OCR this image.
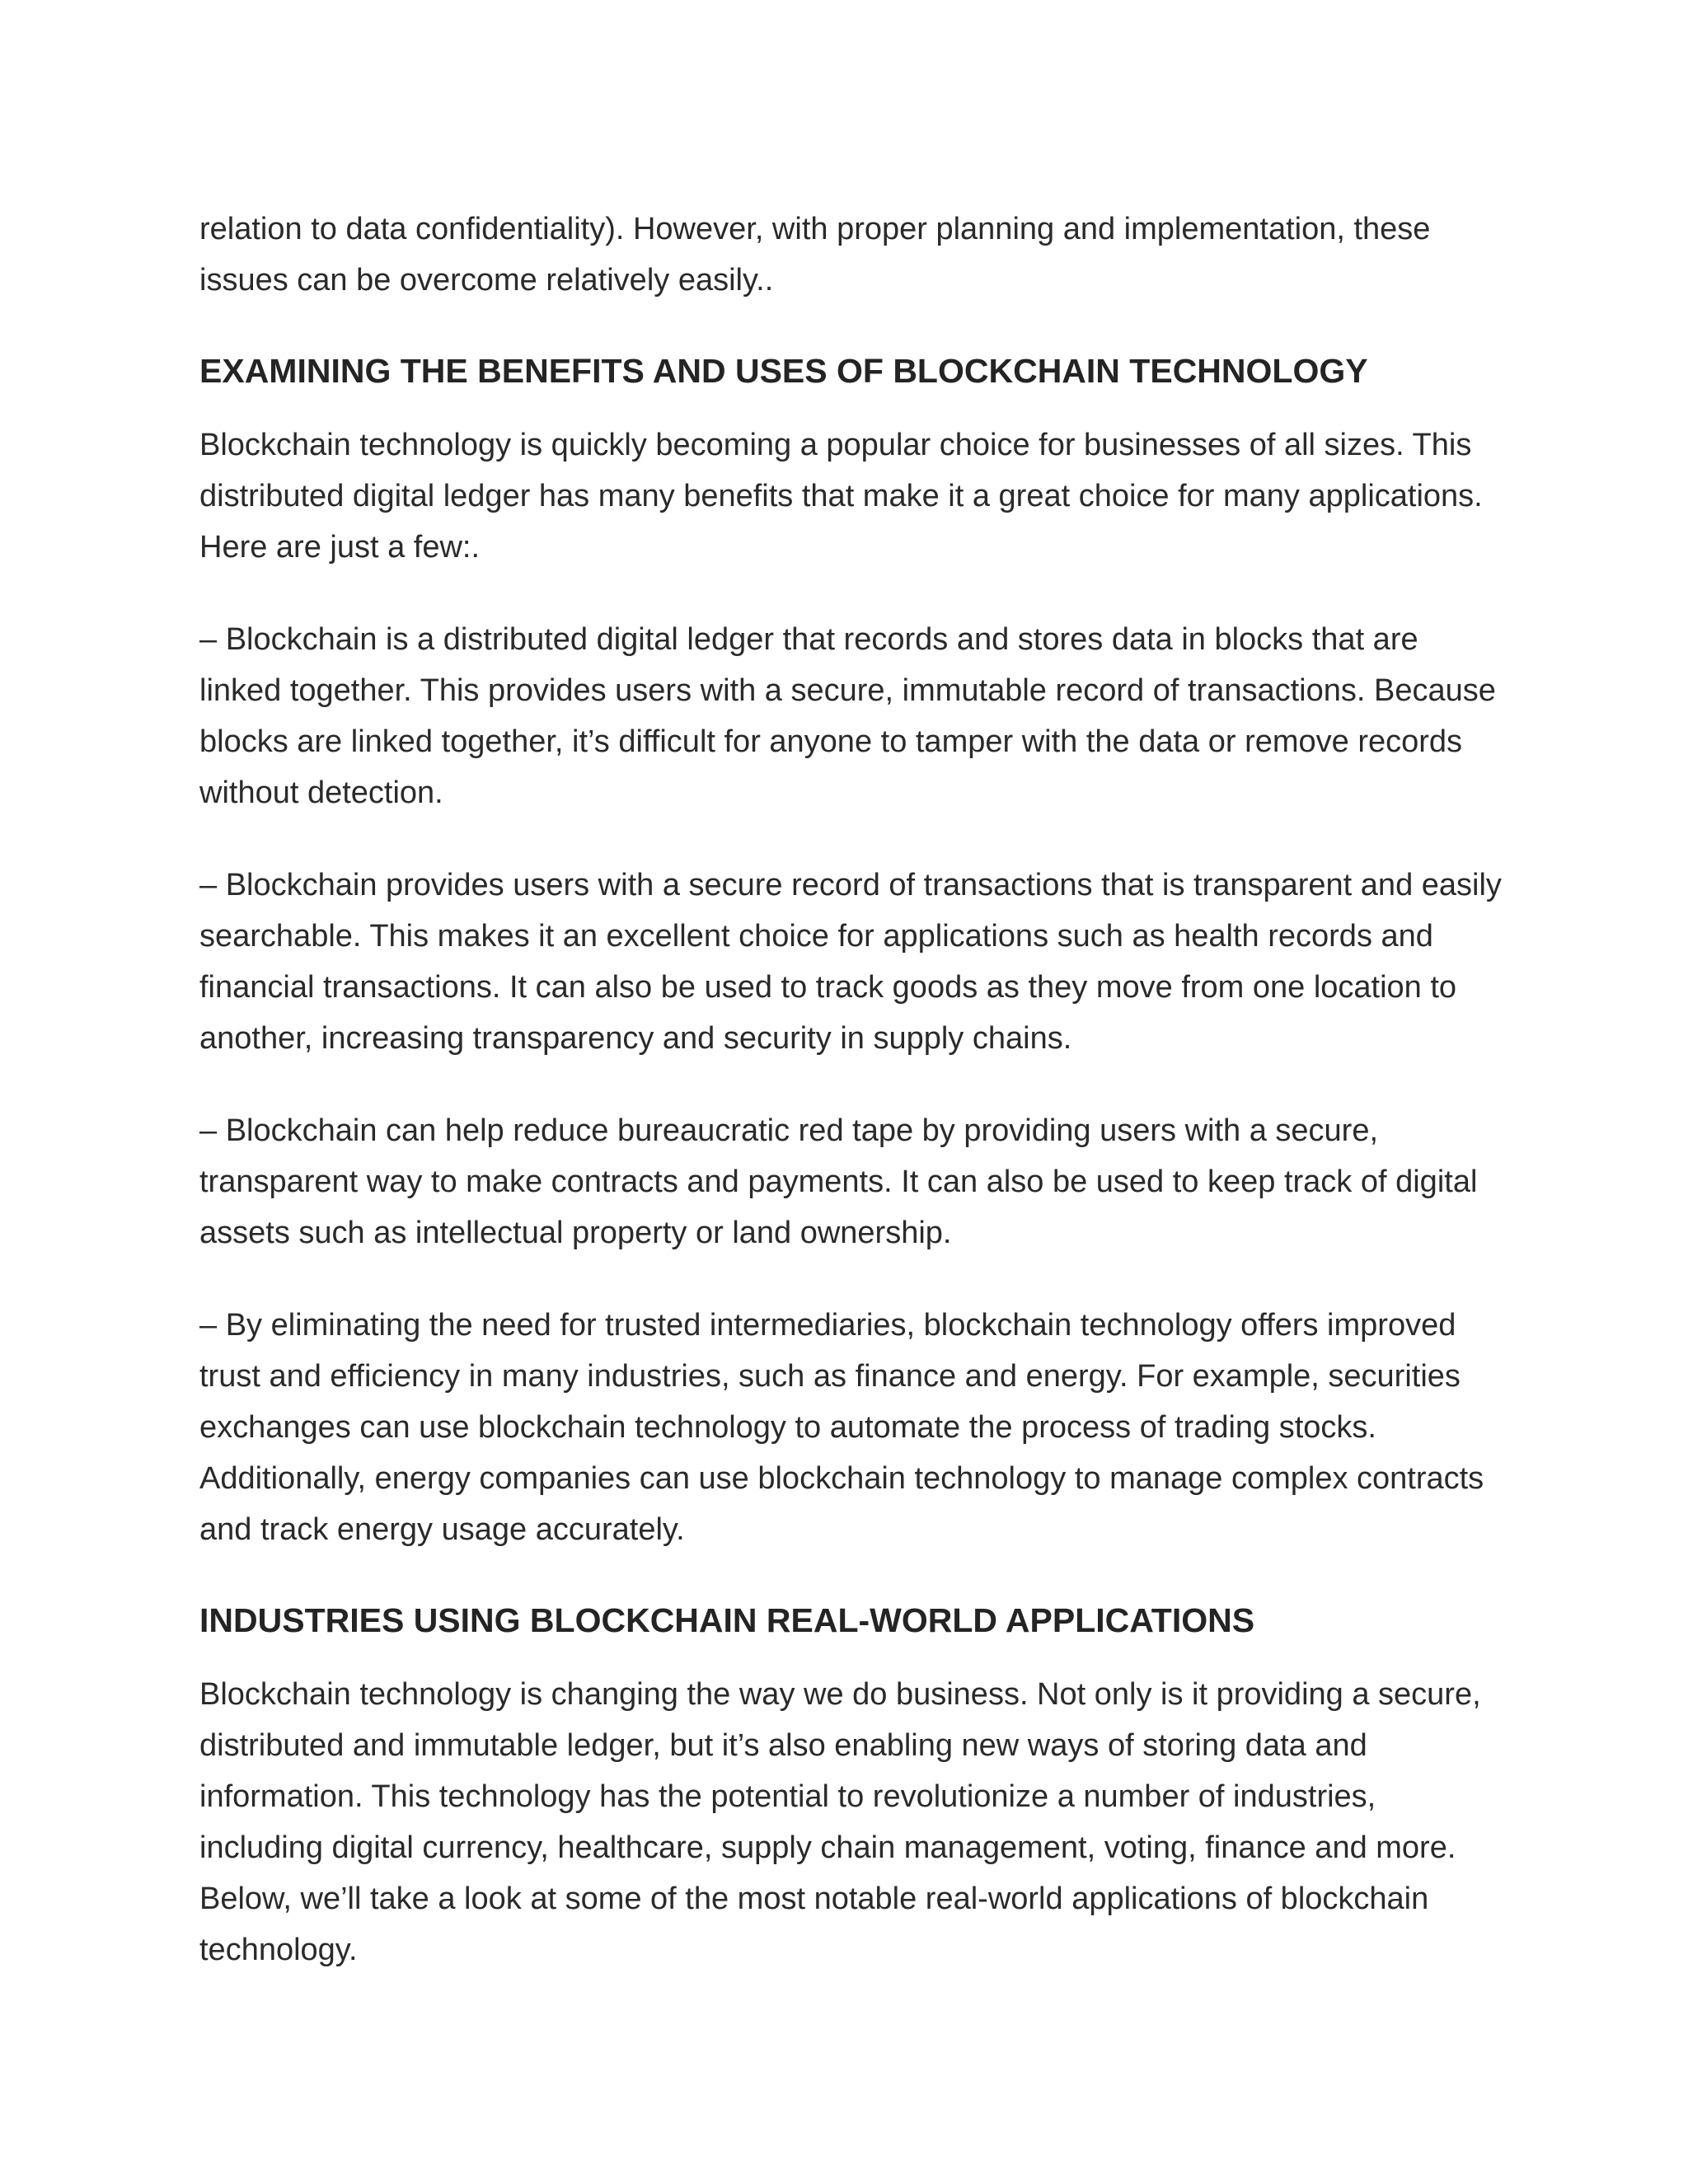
relation to data confidentiality). However, with proper planning and implementation, these issues can be overcome relatively easily..

EXAMINING THE BENEFITS AND USES OF BLOCKCHAIN TECHNOLOGY

Blockchain technology is quickly becoming a popular choice for businesses of all sizes. This distributed digital ledger has many benefits that make it a great choice for many applications. Here are just a few:.

– Blockchain is a distributed digital ledger that records and stores data in blocks that are linked together. This provides users with a secure, immutable record of transactions. Because blocks are linked together, it’s difficult for anyone to tamper with the data or remove records without detection.

– Blockchain provides users with a secure record of transactions that is transparent and easily searchable. This makes it an excellent choice for applications such as health records and financial transactions. It can also be used to track goods as they move from one location to another, increasing transparency and security in supply chains.

– Blockchain can help reduce bureaucratic red tape by providing users with a secure, transparent way to make contracts and payments. It can also be used to keep track of digital assets such as intellectual property or land ownership.

– By eliminating the need for trusted intermediaries, blockchain technology offers improved trust and efficiency in many industries, such as finance and energy. For example, securities exchanges can use blockchain technology to automate the process of trading stocks. Additionally, energy companies can use blockchain technology to manage complex contracts and track energy usage accurately.

INDUSTRIES USING BLOCKCHAIN REAL-WORLD APPLICATIONS

Blockchain technology is changing the way we do business. Not only is it providing a secure, distributed and immutable ledger, but it’s also enabling new ways of storing data and information. This technology has the potential to revolutionize a number of industries, including digital currency, healthcare, supply chain management, voting, finance and more. Below, we’ll take a look at some of the most notable real-world applications of blockchain technology.
